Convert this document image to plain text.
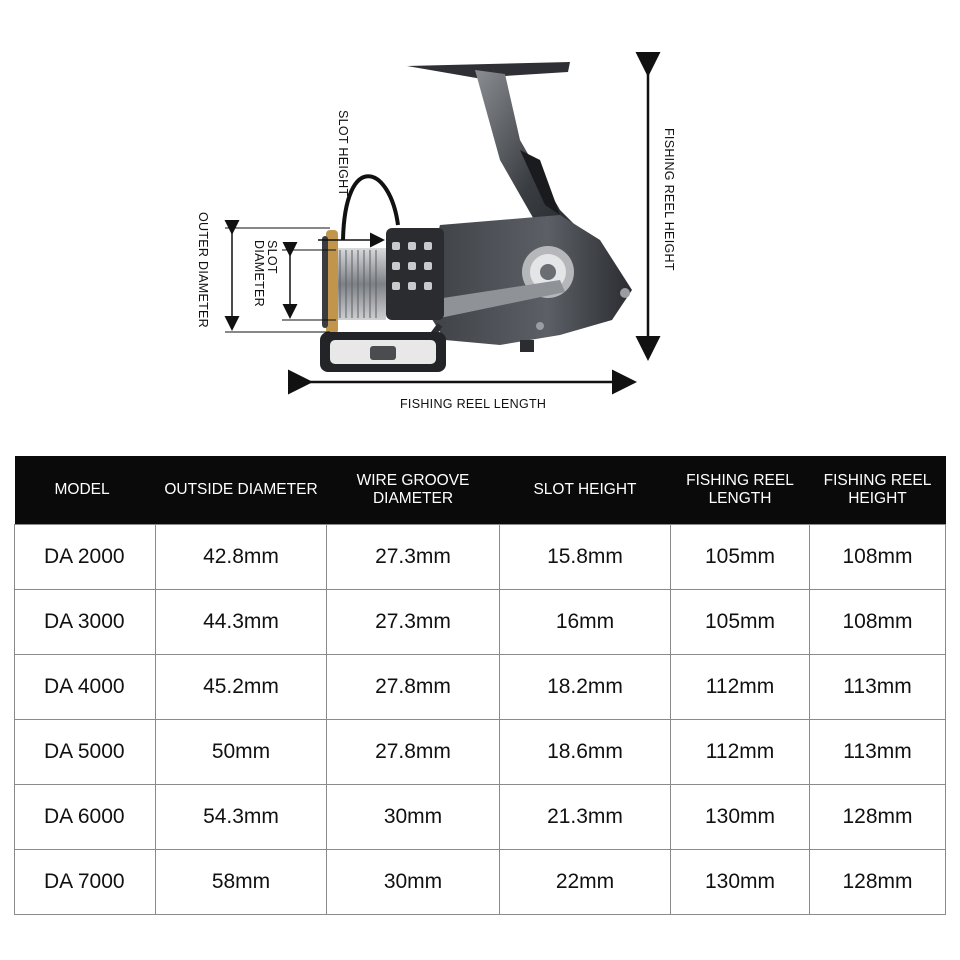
FISHING REEL LENGTH
FISHING REEL HEIGHT
SLOT HEIGHT
OUTER DIAMETER	SLOT
DIAMETER
MODEL	OUTSIDE DIAMETER	WIRE GROOVE DIAMETER	SLOT HEIGHT	FISHING REEL LENGTH	FISHING REEL HEIGHT
DA 2000	42.8mm	27.3mm	15.8mm	105mm	108mm
DA 3000	44.3mm	27.3mm	16mm	105mm	108mm
DA 4000	45.2mm	27.8mm	18.2mm	112mm	113mm
DA 5000	50mm	27.8mm	18.6mm	112mm	113mm
DA 6000	54.3mm	30mm	21.3mm	130mm	128mm
DA 7000	58mm	30mm	22mm	130mm	128mm
